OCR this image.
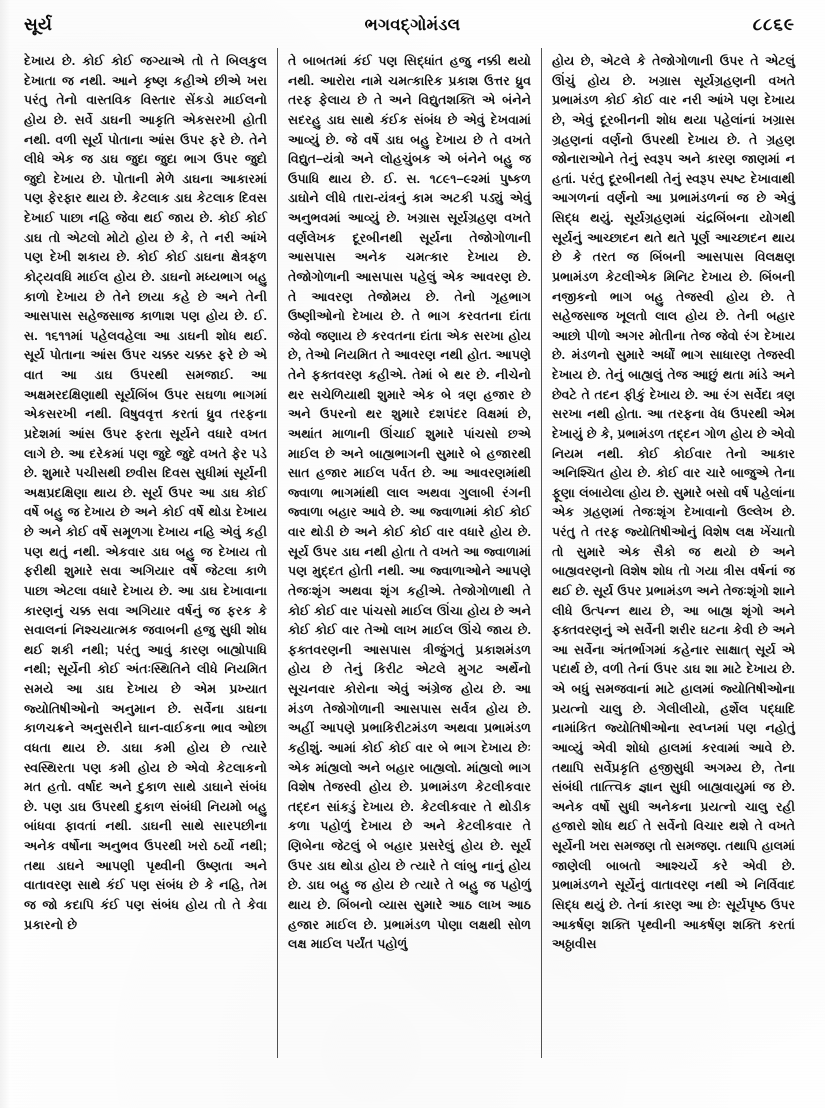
સૂર્ય	ભગવદ્ગોમંડલ	૮૮૬૯

દેખાય છે. કોઈ કોઈ જગ્યાએ તો તે બિલકુલ દેખાતા જ નથી. આને કૃષ્ણ કહીએ છીએ ખરા પરંતુ તેનો વાસ્તવિક વિસ્તાર સેંકડો માઈલનો હોય છે. સર્વે ડાઘની આકૃતિ એકસરખી હોતી નથી. વળી સૂર્ય પોતાના આંસ ઉપર ફરે છે. તેને લીધે એક જ ડાઘ જુદા જુદા ભાગ ઉપર જુદો જુદો દેખાય છે. પોતાની મેળે ડાઘના આકારમાં પણ ફેરફાર થાય છે. કેટલાક ડાઘ કેટલાક દિવસ દેખાઈ પાછા નહિ જેવા થઈ જાય છે. કોઈ કોઈ ડાઘ તો એટલો મોટો હોય છે કે, તે નરી આંખે પણ દેખી શકાય છે. કોઈ કોઈ ડાઘના ક્ષેત્રફળ કોટ્યવધિ માઈલ હોય છે. ડાઘનો મધ્યભાગ બહુ કાળો દેખાય છે તેને છાયા કહે છે અને તેની આસપાસ સહેજસાજ કાળાશ પણ હોય છે. ઈ. સ. ૧૬૧૧માં પહેલવહેલા આ ડાઘની શોધ થઈ. સૂર્ય પોતાના આંસ ઉપર ચક્કર ચક્કર ફરે છે એ વાત આ ડાઘ ઉપરથી સમજાઈ. આ અક્ષમરદક્ષિણાથી સૂર્યબિંબ ઉપર સઘળા ભાગમાં એકસરખી નથી. વિષુવવૃત્ત કરતાં ધ્રુવ તરફના પ્રદેશમાં આંસ ઉપર ફરતા સૂર્યને વધારે વખત લાગે છે. આ દરેકમાં પણ જુદે જુદે વખતે ફેર પડે છે. શુમારે પચીસથી છવીસ દિવસ સુધીમાં સૂર્યની અક્ષપ્રદક્ષિણા થાય છે. સૂર્ય ઉપર આ ડાઘ કોઈ વર્ષે બહુ જ દેખાય છે અને કોઈ વર્ષે થોડા દેખાય છે અને કોઈ વર્ષે સમૂળગા દેખાય નહિ એવું કહી પણ થતું નથી. એકવાર ડાઘ બહુ જ દેખાય તો ફરીથી શુમારે સવા અગિયાર વર્ષે જેટલા કાળે પાછા એટલા વધારે દેખાય છે. આ ડાઘ દેખાવાના કારણનું ચક્ક સવા અગિયાર વર્ષનું જ ફરક કે સવાલનાં નિશ્ચયાત્મક જવાબની હજુ સુધી શોધ થઈ શકી નથી; પરંતુ આવું કારણ બાહ્યોપાધિ નથી; સૂર્યેની કોઈ અંતઃસ્થિતિને લીધે નિયમિત સમયે આ ડાઘ દેખાય છે એમ પ્રખ્યાત જ્યોતિષીઓનો અનુમાન છે. સર્વેના ડાઘના કાળચક્રને અનુસરીને ઘાન-વાઈકના ભાવ ઓછા વધતા થાય છે. ડાઘા કમી હોય છે ત્યારે સ્વસ્થિરતા પણ કમી હોય છે એવો કેટલાકનો મત હતો. વર્ષાદ અને દુકાળ સાથે ડાઘાને સંબંધ છે. પણ ડાઘ ઉપરથી દુકાળ સંબંધી નિયમો બહુ બાંધવા ફાવતાં નથી. ડાઘની સાથે સારપછીના અનેક વર્ષોના અનુભવ ઉપરથી ખરો ઠર્યો નથી; તથા ડાઘને આપણી પૃથ્વીની ઉષ્ણતા અને વાતાવરણ સાથે કંઈ પણ સંબંધ છે કે નહિ, તેમ જ જો કદાપિ કંઈ પણ સંબંધ હોય તો તે કેવા પ્રકારનો છે

તે બાબતમાં કંઈ પણ સિદ્ધાંત હજુ નક્કી થયો નથી. આરોરા નામે ચમત્કારિક પ્રકાશ ઉત્તર ધ્રુવ તરફ ફેલાય છે તે અને વિદ્યુતશક્તિ એ બંનેને સદરહુ ડાઘ સાથે કંઈક સંબંધ છે એવું દેખવામાં આવ્યું છે. જે વર્ષે ડાઘ બહુ દેખાય છે તે વખતે વિદ્યુત–યંત્રો અને લોહચુંબક એ બંનેને બહુ જ ઉપાધિ થાય છે. ઈ. સ. ૧૮૯૧–૯૨માં પુષ્કળ ડાઘોને લીધે તારા-યંત્રનું કામ અટકી પડ્યું એવું અનુભવમાં આવ્યું છે. ખગ્રાસ સૂર્યગ્રહણ વખતે વર્ણલેખક દૂરબીનથી સૂર્યના તેજોગોળાની આસપાસ અનેક ચમત્કાર દેખાય છે. તેજોગોળાની આસપાસ પહેલું એક આવરણ છે. તે આવરણ તેજોમય છે. તેનો ગૃહભાગ ઉષ્ણીઓનો દેખાય છે. તે ભાગ કરવતના દાંતા જેવો જણાય છે કરવતના દાંતા એક સરખા હોય છે, તેઓ નિયમિત તે આવરણ નથી હોત. આપણે તેને ફક્તવરણ કહીએ. તેમાં બે થર છે. નીચેનો થર સચેળિયાથી શુમારે એક બે ત્રણ હજાર છે અને ઉપરનો થર શુમારે દશપંદર વિક્ષમાં છે, અથાંત માળાની ઊંચાઈ શુમારે પાંચસો છએ માઈલ છે અને બાહ્યભાગની સુમારે બે હજારથી સાત હજાર માઈલ પર્વત છે. આ આવરણમાંથી જ્વાળા ભાગમાંથી લાલ અથવા ગુલાબી રંગની જ્વાળા બહાર આવે છે. આ જ્વાળામાં કોઈ કોઈ વાર થોડી છે અને કોઈ કોઈ વાર વધારે હોય છે. સૂર્ય ઉપર ડાઘ નથી હોતા તે વખતે આ જ્વાળામાં પણ મુદ્દત હોતી નથી. આ જ્વાળાઓને આપણે તેજઃશૃંગ અથવા શૃંગ કહીએ. તેજોગોળાથી તે કોઈ કોઈ વાર પાંચસો માઈલ ઊંચા હોય છે અને કોઈ કોઈ વાર તેઓ લાખ માઈલ ઊંચે જાય છે. ફક્તવરણની આસપાસ ત્રીજુંગતું પ્રકાશમંડળ હોય છે તેનું કિરીટ એટલે મુગટ અર્થેનો સૂચનવાર કોરોના એવું અંગ્રેજ હોય છે. આ મંડળ તેજોગોળાની આસપાસ સર્વત્ર હોય છે. અહીં આપણે પ્રભાકિરીટમંડળ અથવા પ્રભામંડળ કહીશું. આમાં કોઈ કોઈ વાર બે ભાગ દેખાય છેઃ એક માંહ્યલો અને બહાર બાહ્યલો. માંહ્યલો ભાગ વિશેષ તેજસ્વી હોય છે. પ્રભામંડળ કેટલીકવાર તદ્દન સાંકડું દેખાય છે. કેટલીકવાર તે થોડીક કળા પહોળું દેખાય છે અને કેટલીકવાર તે ણિબેના જેટલું બે બહાર પ્રસરેલું હોય છે. સૂર્ય ઉપર ડાઘ થોડા હોય છે ત્યારે તે લાંબુ નાનું હોય છે. ડાઘ બહુ જ હોય છે ત્યારે તે બહુ જ પહોળું થાય છે. બિંબનો વ્યાસ સુમારે આઠ લાખ આઠ હજાર માઈલ છે. પ્રભામંડળ પોણા લક્ષથી સોળ લક્ષ માઈલ પર્યંત પહોળું

હોય છે, એટલે કે તેજોગોળાની ઉપર તે એટલું ઊંચું હોય છે. ખગ્રાસ સૂર્યગ્રહણની વખતે પ્રભામંડળ કોઈ કોઈ વાર નરી આંખે પણ દેખાય છે, એવું દૂરબીનની શોધ થયા પહેલાંનાં ખગ્રાસ ગ્રહણનાં વર્ણનો ઉપરથી દેખાય છે. તે ગ્રહણ જોનારાઓને તેનું સ્વરૂપ અને કારણ જાણમાં ન હતાં. પરંતુ દૂરબીનથી તેનું સ્વરૂપ સ્પષ્ટ દેખાવાથી આગળનાં વર્ણનો આ પ્રભામંડળનાં જ છે એવું સિદ્ધ થયું. સૂર્યગ્રહણમાં ચંદ્રબિંબના યોગથી સૂર્યનું આચ્છાદન થતે થતે પૂર્ણ આચ્છાદન થાય છે કે તરત જ બિંબની આસપાસ વિલક્ષણ પ્રભામંડળ કેટલીએક મિનિટ દેખાય છે. બિંબની નજીકનો ભાગ બહુ તેજસ્વી હોય છે. તે સહેજસાજ ખૂલતો લાલ હોય છે. તેની બહાર આછો પીળો અગર મોતીના તેજ જેવો રંગ દેખાય છે. મંડળનો સુમારે અર્ધોં ભાગ સાધારણ તેજસ્વી દેખાય છે. તેનું બાહ્યલું તેજ આછું થતા માંડે અને છેવટે તે તદન ફીકું દેખાય છે. આ રંગ સર્વેદા ત્રણ સરખા નથી હોતા. આ તરફના વેધ ઉપરથી એમ દેખાયું છે કે, પ્રભામંડળ તદ્દન ગોળ હોય છે એવો નિયમ નથી. કોઈ કોઈવાર તેનો આકાર અનિશ્ચિત હોય છે. કોઈ વાર ચારે બાજુએ તેના ફૂણા લંબાયેલા હોય છે. સુમારે બસો વર્ષ પહેલાંના એક ગ્રહણમાં તેજઃશૃંગ દેખાવાનો ઉલ્લેખ છે. પરંતુ તે તરફ જ્યોતિષીઓનું વિશેષ લક્ષ ખેંચાતો તો સુમારે એક સૈકો જ થયો છે અને બાહ્યવરણનો વિશેષ શોધ તો ગયા ત્રીસ વર્ષનાં જ થઈ છે. સૂર્ય ઉપર પ્રભામંડળ અને તેજઃશૃંગો શાને લીધે ઉત્પન્ન થાય છે, આ બાહ્ય શૃંગો અને ફક્તવરણનું એ સર્વેની શરીર ઘટના કેવી છે અને આ સર્વેના અંતર્ભાગમાં કહેનાર સાક્ષાત્ સૂર્ય એ પદાર્થ છે, વળી તેનાં ઉપર ડાઘ શા માટે દેખાય છે. એ બધું સમજવાનાં માટે હાલમાં જ્યોતિષીઓના પ્રયત્નો ચાલુ છે. ગેલીલીયો, હર્શેલ પદ્ધાદિ નામાંકિત જ્યોતિષીઓના સ્વપ્નમાં પણ નહોતું આવ્યું એવી શોધો હાલમાં કરવામાં આવે છે. તથાપિ સર્વેપ્રકૃતિ હજીસુધી અગમ્ય છે, તેના સંબંધી તાત્ત્વિક જ્ઞાન સુધી બાહ્યવાયુમાં જ છે. અનેક વર્ષો સુધી અનેકના પ્રયત્નો ચાલુ રહી હજારો શોધ થઈ તે સર્વેનો વિચાર થશે તે વખતે સૂર્યેની ખરા સમજણ તો સમજણ. તથાપિ હાલમાં જાણેલી બાબતો આશ્ચર્યે કરે એવી છે. પ્રભામંડળને સૂર્યેનું વાતાવરણ નથી એ નિર્વિવાદ સિદ્ધ થયું છે. તેનાં કારણ આ છેઃ સૂર્યપૃષ્ઠ ઉપર આકર્ષણ શક્તિ પૃથ્વીની આકર્ષણ શક્તિ કરતાં અઠ્ઠાવીસ
